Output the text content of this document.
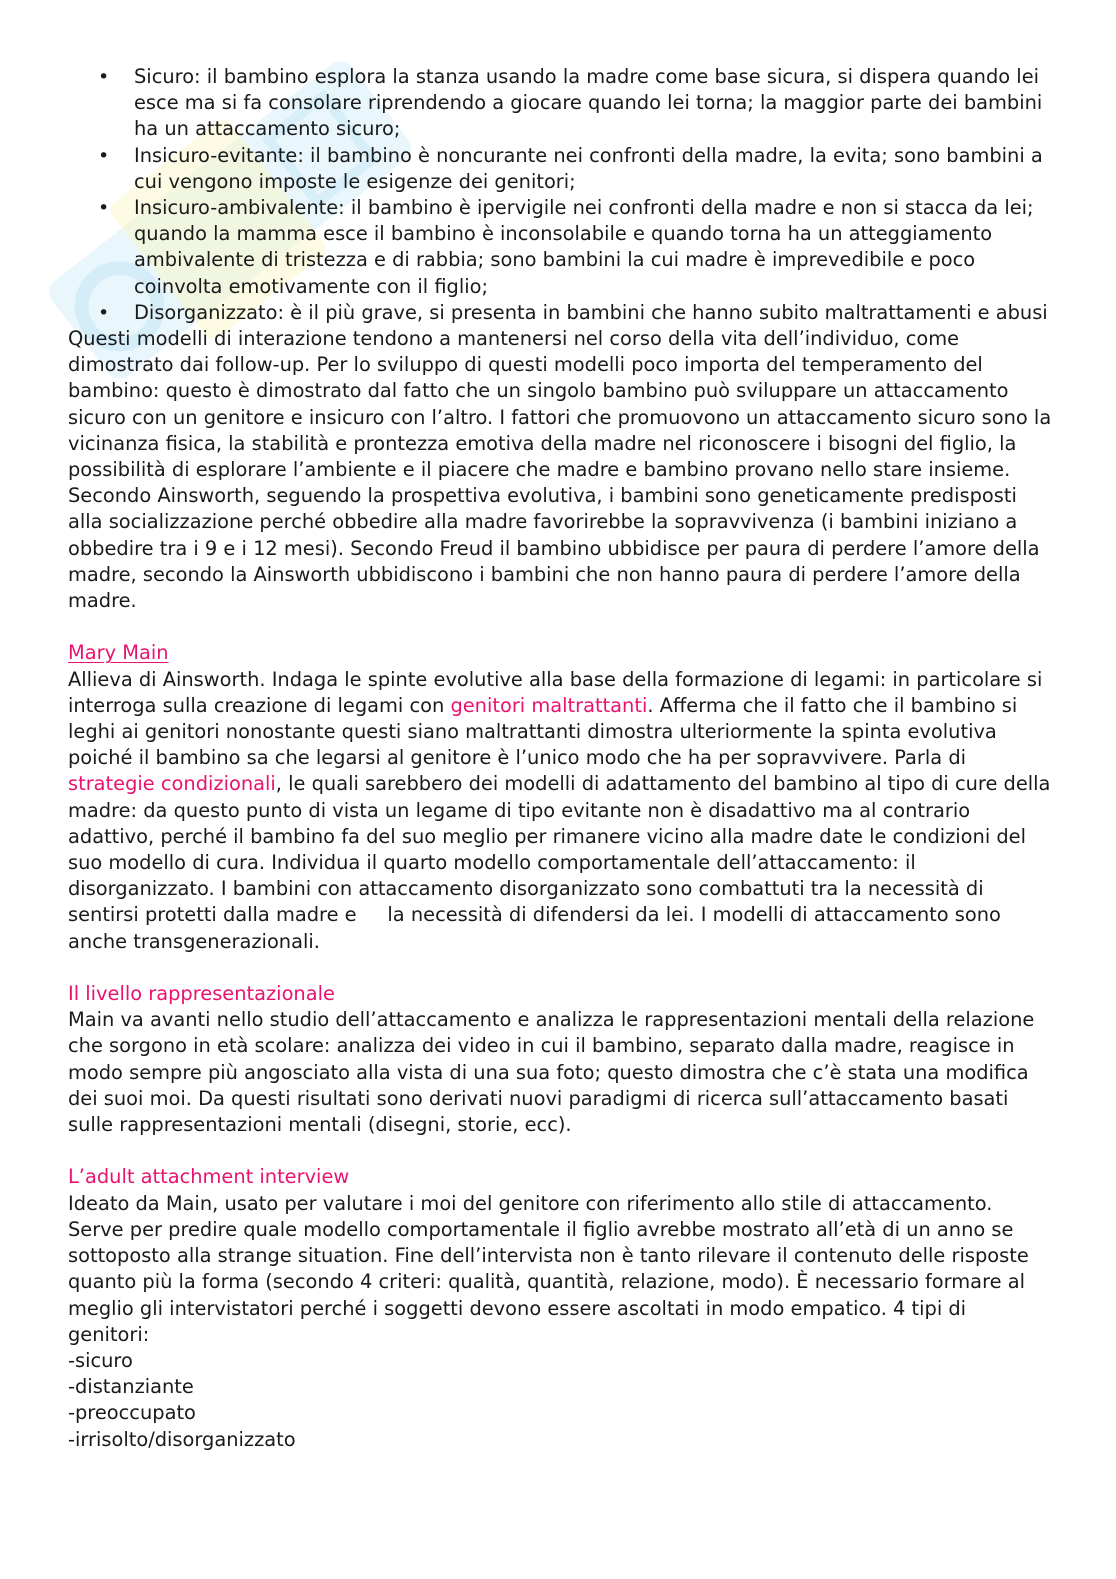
• Sicuro: il bambino esplora la stanza usando la madre come base sicura, si dispera quando lei esce ma si fa consolare riprendendo a giocare quando lei torna; la maggior parte dei bambini ha un attaccamento sicuro;
• Insicuro-evitante: il bambino è noncurante nei confronti della madre, la evita; sono bambini a cui vengono imposte le esigenze dei genitori;
• Insicuro-ambivalente: il bambino è ipervigile nei confronti della madre e non si stacca da lei; quando la mamma esce il bambino è inconsolabile e quando torna ha un atteggiamento ambivalente di tristezza e di rabbia; sono bambini la cui madre è imprevedibile e poco coinvolta emotivamente con il figlio;
• Disorganizzato: è il più grave, si presenta in bambini che hanno subito maltrattamenti e abusi

Questi modelli di interazione tendono a mantenersi nel corso della vita dell’individuo, come dimostrato dai follow-up. Per lo sviluppo di questi modelli poco importa del temperamento del bambino: questo è dimostrato dal fatto che un singolo bambino può sviluppare un attaccamento sicuro con un genitore e insicuro con l’altro. I fattori che promuovono un attaccamento sicuro sono la vicinanza fisica, la stabilità e prontezza emotiva della madre nel riconoscere i bisogni del figlio, la possibilità di esplorare l’ambiente e il piacere che madre e bambino provano nello stare insieme. Secondo Ainsworth, seguendo la prospettiva evolutiva, i bambini sono geneticamente predisposti alla socializzazione perché obbedire alla madre favorirebbe la sopravvivenza (i bambini iniziano a obbedire tra i 9 e i 12 mesi). Secondo Freud il bambino ubbidisce per paura di perdere l’amore della madre, secondo la Ainsworth ubbidiscono i bambini che non hanno paura di perdere l’amore della madre.

Mary Main

Allieva di Ainsworth. Indaga le spinte evolutive alla base della formazione di legami: in particolare si interroga sulla creazione di legami con genitori maltrattanti. Afferma che il fatto che il bambino si leghi ai genitori nonostante questi siano maltrattanti dimostra ulteriormente la spinta evolutiva poiché il bambino sa che legarsi al genitore è l’unico modo che ha per sopravvivere. Parla di strategie condizionali, le quali sarebbero dei modelli di adattamento del bambino al tipo di cure della madre: da questo punto di vista un legame di tipo evitante non è disadattivo ma al contrario adattivo, perché il bambino fa del suo meglio per rimanere vicino alla madre date le condizioni del suo modello di cura. Individua il quarto modello comportamentale dell’attaccamento: il disorganizzato. I bambini con attaccamento disorganizzato sono combattuti tra la necessità di sentirsi protetti dalla madre e     la necessità di difendersi da lei. I modelli di attaccamento sono anche transgenerazionali.

Il livello rappresentazionale

Main va avanti nello studio dell’attaccamento e analizza le rappresentazioni mentali della relazione che sorgono in età scolare: analizza dei video in cui il bambino, separato dalla madre, reagisce in modo sempre più angosciato alla vista di una sua foto; questo dimostra che c’è stata una modifica dei suoi moi. Da questi risultati sono derivati nuovi paradigmi di ricerca sull’attaccamento basati sulle rappresentazioni mentali (disegni, storie, ecc).

L’adult attachment interview

Ideato da Main, usato per valutare i moi del genitore con riferimento allo stile di attaccamento. Serve per predire quale modello comportamentale il figlio avrebbe mostrato all’età di un anno se sottoposto alla strange situation. Fine dell’intervista non è tanto rilevare il contenuto delle risposte quanto più la forma (secondo 4 criteri: qualità, quantità, relazione, modo). È necessario formare al meglio gli intervistatori perché i soggetti devono essere ascoltati in modo empatico. 4 tipi di genitori:

-sicuro
-distanziante
-preoccupato
-irrisolto/disorganizzato
